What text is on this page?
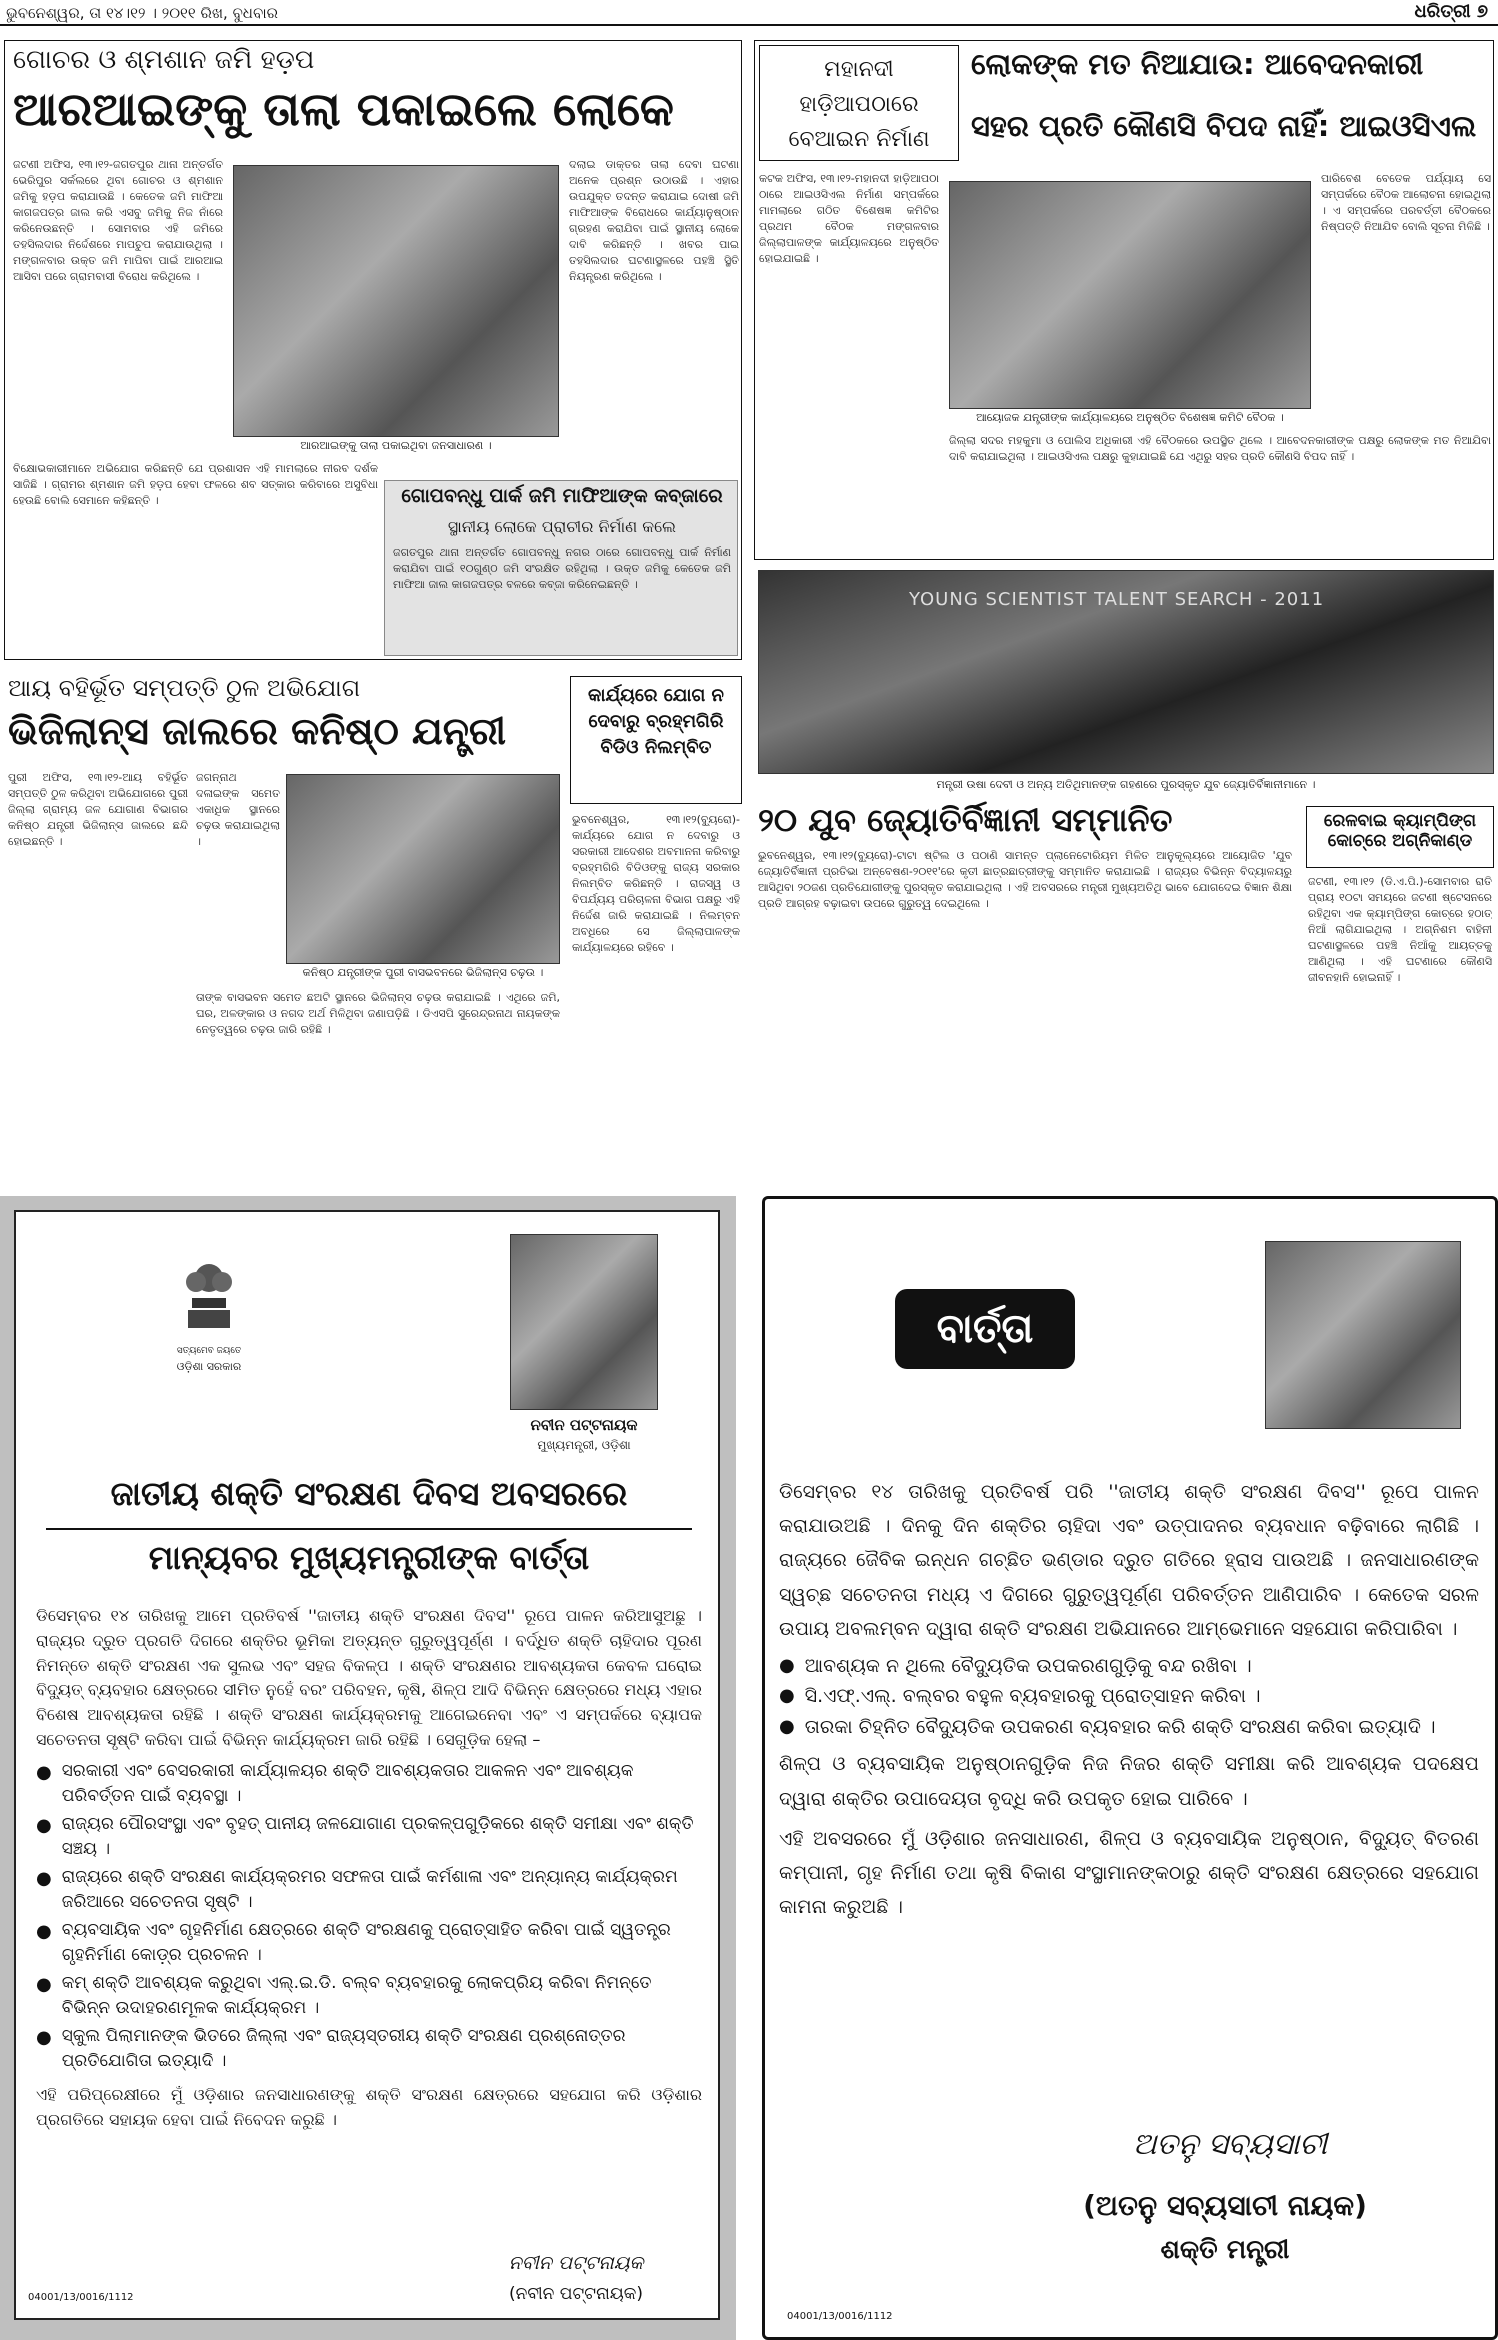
ଭୁବନେଶ୍ୱର, ତା ୧୪।୧୨ । ୨୦୧୧ ରିଖ, ବୁଧବାର	ଧରିତ୍ରୀ ୭
ଗୋଚର ଓ ଶ୍ମଶାନ ଜମି ହଡ଼ପ
ଆରଆଇଙ୍କୁ ତାଲା ପକାଇଲେ ଲୋକେ
ଜଟଣୀ ଅଫିସ, ୧୩।୧୨-ଜଗତପୁର ଥାନା ଅନ୍ତର୍ଗତ ଭେରିପୁର ସର୍କଲରେ ଥିବା ଗୋଚର ଓ ଶ୍ମଶାନ ଜମିକୁ ହଡ଼ପ କରାଯାଉଛି । କେତେକ ଜମି ମାଫିଆ କାଗଜପତ୍ର ଜାଲ କରି ଏସବୁ ଜମିକୁ ନିଜ ନାଁରେ କରିନେଉଛନ୍ତି । ସୋମବାର ଏହି ଜମିରେ ତହସିଲଦାର ନିର୍ଦ୍ଦେଶରେ ମାପଚୁପ କରାଯାଉଥିଲା । ମଙ୍ଗଳବାର ଉକ୍ତ ଜମି ମାପିବା ପାଇଁ ଆରଆଇ ଆସିବା ପରେ ଗ୍ରାମବାସୀ ବିରୋଧ କରିଥିଲେ ।
ଆରଆଇଙ୍କୁ ତାଲା ପକାଇଥିବା ଜନସାଧାରଣ ।
ଦଲାଇ ଡାକ୍ତର ତାଲା ଦେବା ଘଟଣା ଅନେକ ପ୍ରଶ୍ନ ଉଠାଉଛି । ଏହାର ଉପଯୁକ୍ତ ତଦନ୍ତ କରାଯାଇ ଦୋଷୀ ଜମି ମାଫିଆଙ୍କ ବିରୋଧରେ କାର୍ଯ୍ୟାନୁଷ୍ଠାନ ଗ୍ରହଣ କରାଯିବା ପାଇଁ ସ୍ଥାନୀୟ ଲୋକେ ଦାବି କରିଛନ୍ତି । ଖବର ପାଇ ତହସିଲଦାର ଘଟଣାସ୍ଥଳରେ ପହଞ୍ଚି ସ୍ଥିତି ନିୟନ୍ତ୍ରଣ କରିଥିଲେ ।
ବିକ୍ଷୋଭକାରୀମାନେ ଅଭିଯୋଗ କରିଛନ୍ତି ଯେ ପ୍ରଶାସନ ଏହି ମାମଲାରେ ନୀରବ ଦର୍ଶକ ସାଜିଛି । ଗ୍ରାମର ଶ୍ମଶାନ ଜମି ହଡ଼ପ ହେବା ଫଳରେ ଶବ ସତ୍କାର କରିବାରେ ଅସୁବିଧା ହେଉଛି ବୋଲି ସେମାନେ କହିଛନ୍ତି ।	ଗୋପବନ୍ଧୁ ପାର୍କ ଜମି ମାଫିଆଙ୍କ କବ୍ଜାରେ
ସ୍ଥାନୀୟ ଲୋକେ ପ୍ରାଚୀର ନିର୍ମାଣ କଲେ
ଜଗତପୁର ଥାନା ଅନ୍ତର୍ଗତ ଗୋପବନ୍ଧୁ ନଗର ଠାରେ ଗୋପବନ୍ଧୁ ପାର୍କ ନିର୍ମାଣ କରାଯିବା ପାଇଁ ୧୦ଗୁଣ୍ଠ ଜମି ସଂରକ୍ଷିତ ରହିଥିଲା । ଉକ୍ତ ଜମିକୁ କେତେକ ଜମି ମାଫିଆ ଜାଲ କାଗଜପତ୍ର ବଳରେ କବ୍ଜା କରିନେଇଛନ୍ତି ।
ଆୟ ବହିର୍ଭୂତ ସମ୍ପତ୍ତି ଠୁଳ ଅଭିଯୋଗ
ଭିଜିଲାନ୍ସ ଜାଲରେ କନିଷ୍ଠ ଯନ୍ତ୍ରୀ
ପୁରୀ ଅଫିସ, ୧୩।୧୨-ଆୟ ବହିର୍ଭୂତ ସମ୍ପତ୍ତି ଠୁଳ କରିଥିବା ଅଭିଯୋଗରେ ପୁରୀ ଜିଲ୍ଲା ଗ୍ରାମ୍ୟ ଜଳ ଯୋଗାଣ ବିଭାଗର କନିଷ୍ଠ ଯନ୍ତ୍ରୀ ଭିଜିଲାନ୍ସ ଜାଲରେ ଛନ୍ଦି ହୋଇଛନ୍ତି ।
ଜଗନ୍ନାଥ ଦଳାଇଙ୍କ ସମେତ ଏକାଧିକ ସ୍ଥାନରେ ଚଢ଼ଉ କରାଯାଇଥିଲା ।
କନିଷ୍ଠ ଯନ୍ତ୍ରୀଙ୍କ ପୁରୀ ବାସଭବନରେ ଭିଜିଲାନ୍ସ ଚଢ଼ଉ ।
ତାଙ୍କ ବାସଭବନ ସମେତ ଛଅଟି ସ୍ଥାନରେ ଭିଜିଲାନ୍ସ ଚଢ଼ଉ କରାଯାଇଛି । ଏଥିରେ ଜମି, ଘର, ଅଳଙ୍କାର ଓ ନଗଦ ଅର୍ଥ ମିଳିଥିବା ଜଣାପଡ଼ିଛି । ଡିଏସପି ସୁରେନ୍ଦ୍ରନାଥ ନାୟକଙ୍କ ନେତୃତ୍ୱରେ ଚଢ଼ଉ ଜାରି ରହିଛି ।
କାର୍ଯ୍ୟରେ ଯୋଗ ନ ଦେବାରୁ ବ୍ରହ୍ମଗିରି ବିଡିଓ ନିଲମ୍ବିତ
ଭୁବନେଶ୍ୱର, ୧୩।୧୨(ବ୍ୟୁରୋ)-କାର୍ଯ୍ୟରେ ଯୋଗ ନ ଦେବାରୁ ଓ ସରକାରୀ ଆଦେଶର ଅବମାନନା କରିବାରୁ ବ୍ରହ୍ମଗିରି ବିଡିଓଙ୍କୁ ରାଜ୍ୟ ସରକାର ନିଲମ୍ବିତ କରିଛନ୍ତି । ରାଜସ୍ୱ ଓ ବିପର୍ଯ୍ୟୟ ପରିଚାଳନା ବିଭାଗ ପକ୍ଷରୁ ଏହି ନିର୍ଦ୍ଦେଶ ଜାରି କରାଯାଇଛି । ନିଲମ୍ବନ ଅବଧିରେ ସେ ଜିଲ୍ଲାପାଳଙ୍କ କାର୍ଯ୍ୟାଳୟରେ ରହିବେ ।
ମହାନଦୀ ହାଡ଼ିଆପଠାରେ ବେଆଇନ ନିର୍ମାଣ
ଲୋକଙ୍କ ମତ ନିଆଯାଉ: ଆବେଦନକାରୀ
ସହର ପ୍ରତି କୌଣସି ବିପଦ ନାହିଁ: ଆଇଓସିଏଲ
କଟକ ଅଫିସ, ୧୩।୧୨-ମହାନଦୀ ହାଡ଼ିଆପଠା ଠାରେ ଆଇଓସିଏଲ ନିର୍ମାଣ ସମ୍ପର୍କରେ ମାମଲାରେ ଗଠିତ ବିଶେଷଜ୍ଞ କମିଟିର ପ୍ରଥମ ବୈଠକ ମଙ୍ଗଳବାର ଜିଲ୍ଲାପାଳଙ୍କ କାର୍ଯ୍ୟାଳୟରେ ଅନୁଷ୍ଠିତ ହୋଇଯାଇଛି ।
ଆୟୋଜକ ଯନ୍ତ୍ରୀଙ୍କ କାର୍ଯ୍ୟାଳୟରେ ଅନୁଷ୍ଠିତ ବିଶେଷଜ୍ଞ କମିଟି ବୈଠକ ।
ପାରିବେଶ ବେତେକ ପର୍ଯ୍ୟାୟ ସେ ସମ୍ପର୍କରେ ବୈଠକ ଆଲୋଚନା ହୋଇଥିଲା । ଏ ସମ୍ପର୍କରେ ପରବର୍ତ୍ତୀ ବୈଠକରେ ନିଷ୍ପତ୍ତି ନିଆଯିବ ବୋଲି ସୂଚନା ମିଳିଛି ।
ଜିଲ୍ଲା ସଦର ମହକୁମା ଓ ପୋଲିସ ଅଧିକାରୀ ଏହି ବୈଠକରେ ଉପସ୍ଥିତ ଥିଲେ । ଆବେଦନକାରୀଙ୍କ ପକ୍ଷରୁ ଲୋକଙ୍କ ମତ ନିଆଯିବା ଦାବି କରାଯାଇଥିଲା । ଆଇଓସିଏଲ ପକ୍ଷରୁ କୁହାଯାଇଛି ଯେ ଏଥିରୁ ସହର ପ୍ରତି କୌଣସି ବିପଦ ନାହିଁ ।
YOUNG SCIENTIST TALENT SEARCH - 2011
ମନ୍ତ୍ରୀ ଉଷା ଦେବୀ ଓ ଅନ୍ୟ ଅତିଥିମାନଙ୍କ ଗହଣରେ ପୁରସ୍କୃତ ଯୁବ ଜ୍ୟୋତିର୍ବିଜ୍ଞାନୀମାନେ ।
୨୦ ଯୁବ ଜ୍ୟୋତିର୍ବିଜ୍ଞାନୀ ସମ୍ମାନିତ
ଭୁବନେଶ୍ୱର, ୧୩।୧୨(ବ୍ୟୁରୋ)-ଟାଟା ଷ୍ଟିଲ ଓ ପଠାଣି ସାମନ୍ତ ପ୍ଲାନେଟୋରିୟମ ମିଳିତ ଆନୁକୂଲ୍ୟରେ ଆୟୋଜିତ 'ଯୁବ ଜ୍ୟୋତିର୍ବିଜ୍ଞାନୀ ପ୍ରତିଭା ଅନ୍ବେଷଣ-୨୦୧୧'ରେ କୃତୀ ଛାତ୍ରଛାତ୍ରୀଙ୍କୁ ସମ୍ମାନିତ କରାଯାଇଛି । ରାଜ୍ୟର ବିଭିନ୍ନ ବିଦ୍ୟାଳୟରୁ ଆସିଥିବା ୨୦ଜଣ ପ୍ରତିଯୋଗୀଙ୍କୁ ପୁରସ୍କୃତ କରାଯାଇଥିଲା । ଏହି ଅବସରରେ ମନ୍ତ୍ରୀ ମୁଖ୍ୟଅତିଥି ଭାବେ ଯୋଗଦେଇ ବିଜ୍ଞାନ ଶିକ୍ଷା ପ୍ରତି ଆଗ୍ରହ ବଢ଼ାଇବା ଉପରେ ଗୁରୁତ୍ୱ ଦେଇଥିଲେ ।
ରେଳବାଇ କ୍ୟାମ୍ପିଙ୍ଗ କୋଚ୍‌ରେ ଅଗ୍ନିକାଣ୍ଡ
ଜଟଣୀ, ୧୩।୧୨ (ଡି.ଏ.ପି.)-ସୋମବାର ରାତି ପ୍ରାୟ ୧୦ଟା ସମୟରେ ଜଟଣୀ ଷ୍ଟେସନରେ ରହିଥିବା ଏକ କ୍ୟାମ୍ପିଙ୍ଗ କୋଚ୍‌ରେ ହଠାତ୍ ନିଆଁ ଲାଗିଯାଇଥିଲା । ଅଗ୍ନିଶମ ବାହିନୀ ଘଟଣାସ୍ଥଳରେ ପହଞ୍ଚି ନିଆଁକୁ ଆୟତ୍ତକୁ ଆଣିଥିଲା । ଏହି ଘଟଣାରେ କୌଣସି ଜୀବନହାନି ହୋଇନାହିଁ ।
ସତ୍ୟମେବ ଜୟତେ
ଓଡ଼ିଶା ସରକାର
ନବୀନ ପଟ୍ଟନାୟକ
ମୁଖ୍ୟମନ୍ତ୍ରୀ, ଓଡ଼ିଶା
ଜାତୀୟ ଶକ୍ତି ସଂରକ୍ଷଣ ଦିବସ ଅବସରରେ
ମାନ୍ୟବର ମୁଖ୍ୟମନ୍ତ୍ରୀଙ୍କ ବାର୍ତ୍ତା

ଡିସେମ୍ବର ୧୪ ତାରିଖକୁ ଆମେ ପ୍ରତିବର୍ଷ ''ଜାତୀୟ ଶକ୍ତି ସଂରକ୍ଷଣ ଦିବସ'' ରୂପେ ପାଳନ କରିଆସୁଅଛୁ । ରାଜ୍ୟର ଦ୍ରୁତ ପ୍ରଗତି ଦିଗରେ ଶକ୍ତିର ଭୂମିକା ଅତ୍ୟନ୍ତ ଗୁରୁତ୍ୱପୂର୍ଣ୍ଣ । ବର୍ଦ୍ଧିତ ଶକ୍ତି ଚାହିଦାର ପୂରଣ ନିମନ୍ତେ ଶକ୍ତି ସଂରକ୍ଷଣ ଏକ ସୁଲଭ ଏବଂ ସହଜ ବିକଳ୍ପ । ଶକ୍ତି ସଂରକ୍ଷଣର ଆବଶ୍ୟକତା କେବଳ ଘରୋଇ ବିଦ୍ୟୁତ୍ ବ୍ୟବହାର କ୍ଷେତ୍ରରେ ସୀମିତ ନୁହେଁ ବରଂ ପରିବହନ, କୃଷି, ଶିଳ୍ପ ଆଦି ବିଭିନ୍ନ କ୍ଷେତ୍ରରେ ମଧ୍ୟ ଏହାର ବିଶେଷ ଆବଶ୍ୟକତା ରହିଛି । ଶକ୍ତି ସଂରକ୍ଷଣ କାର୍ଯ୍ୟକ୍ରମକୁ ଆଗେଇନେବା ଏବଂ ଏ ସମ୍ପର୍କରେ ବ୍ୟାପକ ସଚେତନତା ସୃଷ୍ଟି କରିବା ପାଇଁ ବିଭିନ୍ନ କାର୍ଯ୍ୟକ୍ରମ ଜାରି ରହିଛି । ସେଗୁଡ଼ିକ ହେଲା –

● ସରକାରୀ ଏବଂ ବେସରକାରୀ କାର୍ଯ୍ୟାଳୟର ଶକ୍ତି ଆବଶ୍ୟକତାର ଆକଳନ ଏବଂ ଆବଶ୍ୟକ ପରିବର୍ତ୍ତନ ପାଇଁ ବ୍ୟବସ୍ଥା ।
● ରାଜ୍ୟର ପୌରସଂସ୍ଥା ଏବଂ ବୃହତ୍ ପାନୀୟ ଜଳଯୋଗାଣ ପ୍ରକଳ୍ପଗୁଡ଼ିକରେ ଶକ୍ତି ସମୀକ୍ଷା ଏବଂ ଶକ୍ତି ସଞ୍ଚୟ ।
● ରାଜ୍ୟରେ ଶକ୍ତି ସଂରକ୍ଷଣ କାର୍ଯ୍ୟକ୍ରମର ସଫଳତା ପାଇଁ କର୍ମଶାଳା ଏବଂ ଅନ୍ୟାନ୍ୟ କାର୍ଯ୍ୟକ୍ରମ ଜରିଆରେ ସଚେତନତା ସୃଷ୍ଟି ।
● ବ୍ୟବସାୟିକ ଏବଂ ଗୃହନିର୍ମାଣ କ୍ଷେତ୍ରରେ ଶକ୍ତି ସଂରକ୍ଷଣକୁ ପ୍ରୋତ୍ସାହିତ କରିବା ପାଇଁ ସ୍ୱତନ୍ତ୍ର ଗୃହନିର୍ମାଣ କୋଡ଼୍‌ର ପ୍ରଚଳନ ।
● କମ୍ ଶକ୍ତି ଆବଶ୍ୟକ କରୁଥିବା ଏଲ୍.ଇ.ଡି. ବଲ୍ବ ବ୍ୟବହାରକୁ ଲୋକପ୍ରିୟ କରିବା ନିମନ୍ତେ ବିଭିନ୍ନ ଉଦାହରଣମୂଳକ କାର୍ଯ୍ୟକ୍ରମ ।
● ସ୍କୁଲ ପିଲାମାନଙ୍କ ଭିତରେ ଜିଲ୍ଲା ଏବଂ ରାଜ୍ୟସ୍ତରୀୟ ଶକ୍ତି ସଂରକ୍ଷଣ ପ୍ରଶ୍ନୋତ୍ତର ପ୍ରତିଯୋଗିତା ଇତ୍ୟାଦି ।

ଏହି ପରିପ୍ରେକ୍ଷୀରେ ମୁଁ ଓଡ଼ିଶାର ଜନସାଧାରଣଙ୍କୁ ଶକ୍ତି ସଂରକ୍ଷଣ କ୍ଷେତ୍ରରେ ସହଯୋଗ କରି ଓଡ଼ିଶାର ପ୍ରଗତିରେ ସହାୟକ ହେବା ପାଇଁ ନିବେଦନ କରୁଛି ।

ନବୀନ ପଟ୍ଟନାୟକ
(ନବୀନ ପଟ୍ଟନାୟକ)
04001/13/0016/1112
ବାର୍ତ୍ତା

ଡିସେମ୍ବର ୧୪ ତାରିଖକୁ ପ୍ରତିବର୍ଷ ପରି ''ଜାତୀୟ ଶକ୍ତି ସଂରକ୍ଷଣ ଦିବସ'' ରୂପେ ପାଳନ କରାଯାଉଅଛି । ଦିନକୁ ଦିନ ଶକ୍ତିର ଚାହିଦା ଏବଂ ଉତ୍ପାଦନର ବ୍ୟବଧାନ ବଢ଼ିବାରେ ଲାଗିଛି । ରାଜ୍ୟରେ ଜୈବିକ ଇନ୍ଧନ ଗଚ୍ଛିତ ଭଣ୍ଡାର ଦ୍ରୁତ ଗତିରେ ହ୍ରାସ ପାଉଅଛି । ଜନସାଧାରଣଙ୍କ ସ୍ୱଚ୍ଛ ସଚେତନତା ମଧ୍ୟ ଏ ଦିଗରେ ଗୁରୁତ୍ୱପୂର୍ଣ୍ଣ ପରିବର୍ତ୍ତନ ଆଣିପାରିବ । କେତେକ ସରଳ ଉପାୟ ଅବଲମ୍ବନ ଦ୍ୱାରା ଶକ୍ତି ସଂରକ୍ଷଣ ଅଭିଯାନରେ ଆମ୍ଭେମାନେ ସହଯୋଗ କରିପାରିବା ।

● ଆବଶ୍ୟକ ନ ଥିଲେ ବୈଦ୍ୟୁତିକ ଉପକରଣଗୁଡ଼ିକୁ ବନ୍ଦ ରଖିବା ।
● ସି.ଏଫ୍.ଏଲ୍. ବଲ୍ବର ବହୁଳ ବ୍ୟବହାରକୁ ପ୍ରୋତ୍ସାହନ କରିବା ।
● ତାରକା ଚିହ୍ନିତ ବୈଦ୍ୟୁତିକ ଉପକରଣ ବ୍ୟବହାର କରି ଶକ୍ତି ସଂରକ୍ଷଣ କରିବା ଇତ୍ୟାଦି ।

ଶିଳ୍ପ ଓ ବ୍ୟବସାୟିକ ଅନୁଷ୍ଠାନଗୁଡ଼ିକ ନିଜ ନିଜର ଶକ୍ତି ସମୀକ୍ଷା କରି ଆବଶ୍ୟକ ପଦକ୍ଷେପ ଦ୍ୱାରା ଶକ୍ତିର ଉପାଦେୟତା ବୃଦ୍ଧି କରି ଉପକୃତ ହୋଇ ପାରିବେ ।

ଏହି ଅବସରରେ ମୁଁ ଓଡ଼ିଶାର ଜନସାଧାରଣ, ଶିଳ୍ପ ଓ ବ୍ୟବସାୟିକ ଅନୁଷ୍ଠାନ, ବିଦ୍ୟୁତ୍ ବିତରଣ କମ୍ପାନୀ, ଗୃହ ନିର୍ମାଣ ତଥା କୃଷି ବିକାଶ ସଂସ୍ଥାମାନଙ୍କଠାରୁ ଶକ୍ତି ସଂରକ୍ଷଣ କ୍ଷେତ୍ରରେ ସହଯୋଗ କାମନା କରୁଅଛି ।

ଅତନୁ ସବ୍ୟସାଚୀ
(ଅତନୁ ସବ୍ୟସାଚୀ ନାୟକ)
ଶକ୍ତି ମନ୍ତ୍ରୀ
04001/13/0016/1112
